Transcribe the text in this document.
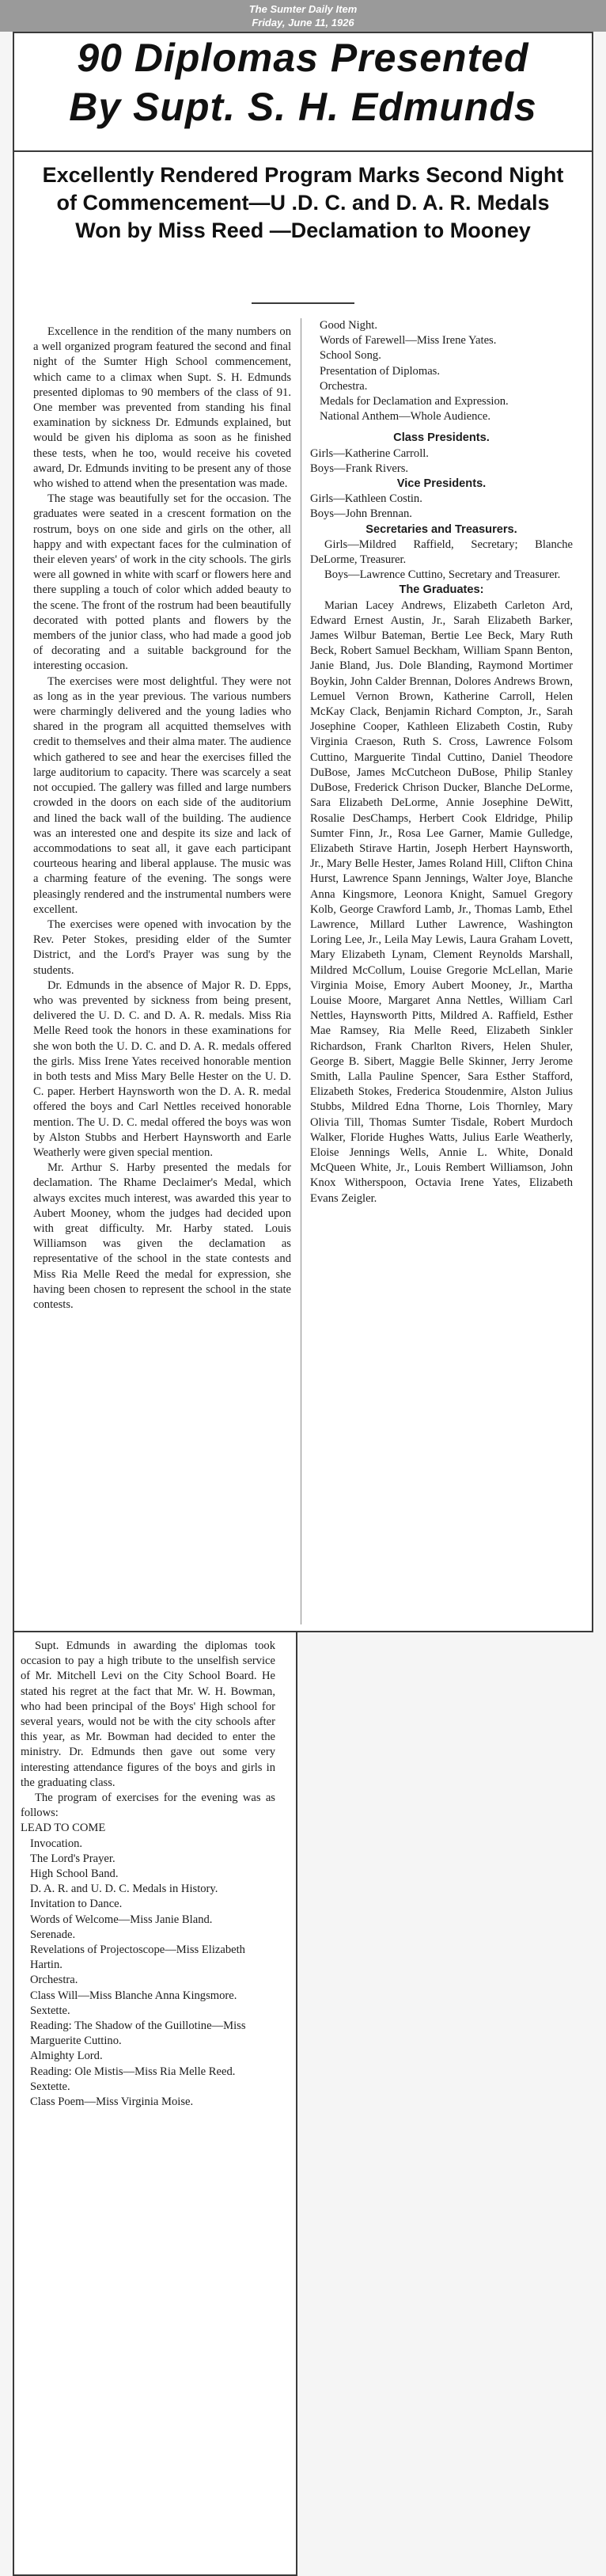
The Sumter Daily Item
Friday, June 11, 1926
90 Diplomas Presented
By Supt. S. H. Edmunds
Excellently Rendered Program Marks Second Night of Commencement—U .D. C. and D. A. R. Medals Won by Miss Reed —Declamation to Mooney

Excellence in the rendition of the many numbers on a well organized program featured the second and final night of the Sumter High School commencement, which came to a climax when Supt. S. H. Edmunds presented diplomas to 90 members of the class of 91. One member was prevented from standing his final examination by sickness Dr. Edmunds explained, but would be given his diploma as soon as he finished these tests, when he too, would receive his coveted award, Dr. Edmunds inviting to be present any of those who wished to attend when the presentation was made.

The stage was beautifully set for the occasion. The graduates were seated in a crescent formation on the rostrum, boys on one side and girls on the other, all happy and with expectant faces for the culmination of their eleven years' of work in the city schools. The girls were all gowned in white with scarf or flowers here and there suppling a touch of color which added beauty to the scene. The front of the rostrum had been beautifully decorated with potted plants and flowers by the members of the junior class, who had made a good job of decorating and a suitable background for the interesting occasion.

The exercises were most delightful. They were not as long as in the year previous. The various numbers were charmingly delivered and the young ladies who shared in the program all acquitted themselves with credit to themselves and their alma mater. The audience which gathered to see and hear the exercises filled the large auditorium to capacity. There was scarcely a seat not occupied. The gallery was filled and large numbers crowded in the doors on each side of the auditorium and lined the back wall of the building. The audience was an interested one and despite its size and lack of accommodations to seat all, it gave each participant courteous hearing and liberal applause. The music was a charming feature of the evening. The songs were pleasingly rendered and the instrumental numbers were excellent.

The exercises were opened with invocation by the Rev. Peter Stokes, presiding elder of the Sumter District, and the Lord's Prayer was sung by the students.

Dr. Edmunds in the absence of Major R. D. Epps, who was prevented by sickness from being present, delivered the U. D. C. and D. A. R. medals. Miss Ria Melle Reed took the honors in these examinations for she won both the U. D. C. and D. A. R. medals offered the girls. Miss Irene Yates received honorable mention in both tests and Miss Mary Belle Hester on the U. D. C. paper. Herbert Haynsworth won the D. A. R. medal offered the boys and Carl Nettles received honorable mention. The U. D. C. medal offered the boys was won by Alston Stubbs and Herbert Haynsworth and Earle Weatherly were given special mention.

Mr. Arthur S. Harby presented the medals for declamation. The Rhame Declaimer's Medal, which always excites much interest, was awarded this year to Aubert Mooney, whom the judges had decided upon with great difficulty. Mr. Harby stated. Louis Williamson was given the declamation as representative of the school in the state contests and Miss Ria Melle Reed the medal for expression, she having been chosen to represent the school in the state contests.

Good Night.

Words of Farewell—Miss Irene Yates.

School Song.

Presentation of Diplomas.

Orchestra.

Medals for Declamation and Expression.

National Anthem—Whole Audience.

Class Presidents.

Girls—Katherine Carroll.

Boys—Frank Rivers.

Vice Presidents.

Girls—Kathleen Costin.

Boys—John Brennan.

Secretaries and Treasurers.

Girls—Mildred Raffield, Secretary; Blanche DeLorme, Treasurer.

Boys—Lawrence Cuttino, Secretary and Treasurer.

The Graduates:

Marian Lacey Andrews, Elizabeth Carleton Ard, Edward Ernest Austin, Jr., Sarah Elizabeth Barker, James Wilbur Bateman, Bertie Lee Beck, Mary Ruth Beck, Robert Samuel Beckham, William Spann Benton, Janie Bland, Jus. Dole Blanding, Raymond Mortimer Boykin, John Calder Brennan, Dolores Andrews Brown, Lemuel Vernon Brown, Katherine Carroll, Helen McKay Clack, Benjamin Richard Compton, Jr., Sarah Josephine Cooper, Kathleen Elizabeth Costin, Ruby Virginia Craeson, Ruth S. Cross, Lawrence Folsom Cuttino, Marguerite Tindal Cuttino, Daniel Theodore DuBose, James McCutcheon DuBose, Philip Stanley DuBose, Frederick Chrison Ducker, Blanche DeLorme, Sara Elizabeth DeLorme, Annie Josephine DeWitt, Rosalie DesChamps, Herbert Cook Eldridge, Philip Sumter Finn, Jr., Rosa Lee Garner, Mamie Gulledge, Elizabeth Stirave Hartin, Joseph Herbert Haynsworth, Jr., Mary Belle Hester, James Roland Hill, Clifton China Hurst, Lawrence Spann Jennings, Walter Joye, Blanche Anna Kingsmore, Leonora Knight, Samuel Gregory Kolb, George Crawford Lamb, Jr., Thomas Lamb, Ethel Lawrence, Millard Luther Lawrence, Washington Loring Lee, Jr., Leila May Lewis, Laura Graham Lovett, Mary Elizabeth Lynam, Clement Reynolds Marshall, Mildred McCollum, Louise Gregorie McLellan, Marie Virginia Moise, Emory Aubert Mooney, Jr., Martha Louise Moore, Margaret Anna Nettles, William Carl Nettles, Haynsworth Pitts, Mildred A. Raffield, Esther Mae Ramsey, Ria Melle Reed, Elizabeth Sinkler Richardson, Frank Charlton Rivers, Helen Shuler, George B. Sibert, Maggie Belle Skinner, Jerry Jerome Smith, Lalla Pauline Spencer, Sara Esther Stafford, Elizabeth Stokes, Frederica Stoudenmire, Alston Julius Stubbs, Mildred Edna Thorne, Lois Thornley, Mary Olivia Till, Thomas Sumter Tisdale, Robert Murdoch Walker, Floride Hughes Watts, Julius Earle Weatherly, Eloise Jennings Wells, Annie L. White, Donald McQueen White, Jr., Louis Rembert Williamson, John Knox Witherspoon, Octavia Irene Yates, Elizabeth Evans Zeigler.

Supt. Edmunds in awarding the diplomas took occasion to pay a high tribute to the unselfish service of Mr. Mitchell Levi on the City School Board. He stated his regret at the fact that Mr. W. H. Bowman, who had been principal of the Boys' High school for several years, would not be with the city schools after this year, as Mr. Bowman had decided to enter the ministry. Dr. Edmunds then gave out some very interesting attendance figures of the boys and girls in the graduating class.

The program of exercises for the evening was as follows:

LEAD TO COME

Invocation.

The Lord's Prayer.

High School Band.

D. A. R. and U. D. C. Medals in History.

Invitation to Dance.

Words of Welcome—Miss Janie Bland.

Serenade.

Revelations of Projectoscope—Miss Elizabeth Hartin.

Orchestra.

Class Will—Miss Blanche Anna Kingsmore.

Sextette.

Reading: The Shadow of the Guillotine—Miss Marguerite Cuttino.

Almighty Lord.

Reading: Ole Mistis—Miss Ria Melle Reed.

Sextette.

Class Poem—Miss Virginia Moise.
